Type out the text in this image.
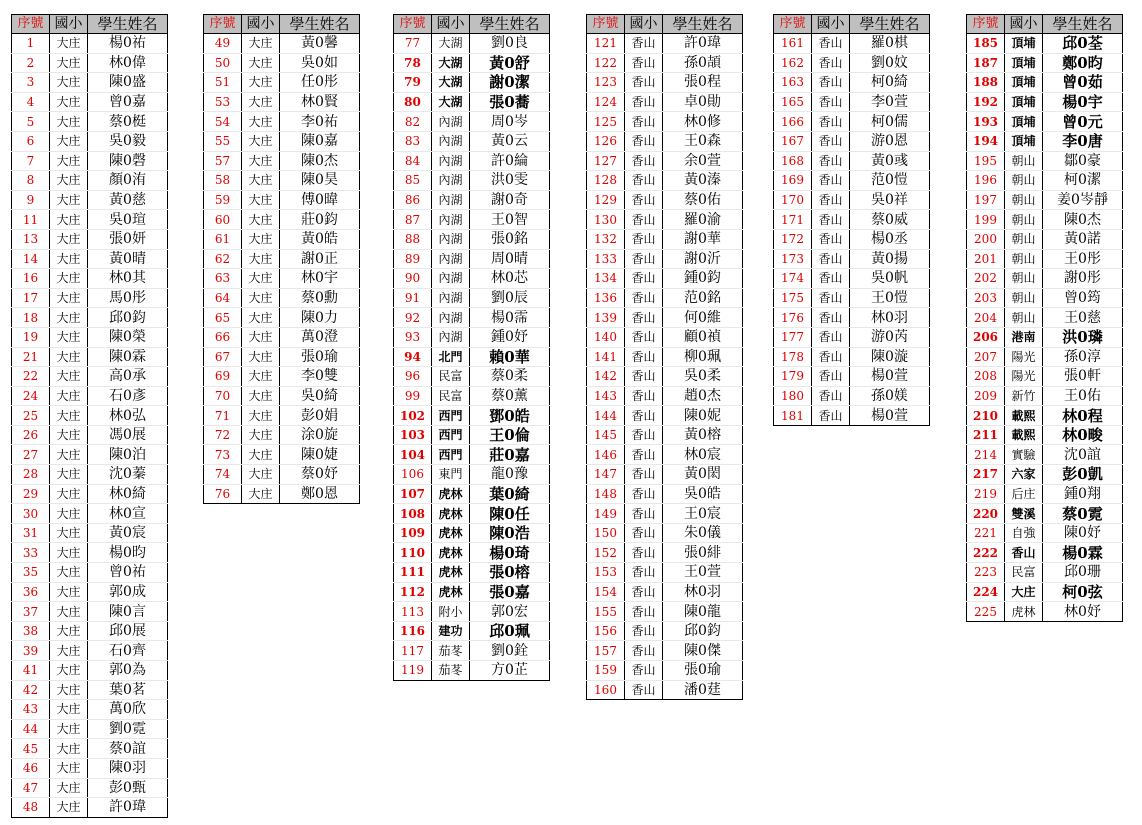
序號	國小	學生姓名
1	大庄	楊0祐
2	大庄	林0偉
3	大庄	陳0盛
4	大庄	曾0嘉
5	大庄	蔡0梃
6	大庄	吳0毅
7	大庄	陳0磬
8	大庄	顏0洧
9	大庄	黃0慈
11	大庄	吳0瑄
13	大庄	張0妍
14	大庄	黃0晴
16	大庄	林0其
17	大庄	馬0彤
18	大庄	邱0鈞
19	大庄	陳0榮
21	大庄	陳0霖
22	大庄	高0承
24	大庄	石0彥
25	大庄	林0弘
26	大庄	馮0展
27	大庄	陳0泊
28	大庄	沈0蓁
29	大庄	林0綺
30	大庄	林0宣
31	大庄	黃0宸
33	大庄	楊0昀
35	大庄	曾0祐
36	大庄	郭0成
37	大庄	陳0言
38	大庄	邱0展
39	大庄	石0齊
41	大庄	郭0為
42	大庄	葉0茗
43	大庄	萬0欣
44	大庄	劉0霓
45	大庄	蔡0誼
46	大庄	陳0羽
47	大庄	彭0甄
48	大庄	許0瑋
序號	國小	學生姓名
49	大庄	黃0馨
50	大庄	吳0如
51	大庄	任0彤
53	大庄	林0賢
54	大庄	李0祐
55	大庄	陳0嘉
57	大庄	陳0杰
58	大庄	陳0昊
59	大庄	傅0暐
60	大庄	莊0鈞
61	大庄	黃0皓
62	大庄	謝0正
63	大庄	林0宇
64	大庄	蔡0勳
65	大庄	陳0力
66	大庄	萬0澄
67	大庄	張0瑜
69	大庄	李0雙
70	大庄	吳0綺
71	大庄	彭0娟
72	大庄	涂0旋
73	大庄	陳0婕
74	大庄	蔡0妤
76	大庄	鄭0恩
序號	國小	學生姓名
77	大湖	劉0良
78	大湖	黃0舒
79	大湖	謝0潔
80	大湖	張0蕎
82	內湖	周0岑
83	內湖	黃0云
84	內湖	許0綸
85	內湖	洪0雯
86	內湖	謝0奇
87	內湖	王0智
88	內湖	張0銘
89	內湖	周0晴
90	內湖	林0芯
91	內湖	劉0辰
92	內湖	楊0霈
93	內湖	鍾0妤
94	北門	賴0華
96	民富	蔡0柔
99	民富	蔡0薰
102	西門	鄧0皓
103	西門	王0倫
104	西門	莊0嘉
106	東門	龍0豫
107	虎林	葉0綺
108	虎林	陳0任
109	虎林	陳0浩
110	虎林	楊0琦
111	虎林	張0榕
112	虎林	張0嘉
113	附小	郭0宏
116	建功	邱0珮
117	茄苳	劉0銓
119	茄苳	方0芷
序號	國小	學生姓名
121	香山	許0瑋
122	香山	孫0頡
123	香山	張0程
124	香山	卓0勛
125	香山	林0修
126	香山	王0森
127	香山	余0萱
128	香山	黃0溱
129	香山	蔡0佑
130	香山	羅0渝
132	香山	謝0華
133	香山	謝0沂
134	香山	鍾0鈞
136	香山	范0銘
139	香山	何0維
140	香山	顧0禎
141	香山	柳0珮
142	香山	吳0柔
143	香山	趙0杰
144	香山	陳0妮
145	香山	黃0榕
146	香山	林0宸
147	香山	黃0閎
148	香山	吳0皓
149	香山	王0宸
150	香山	朱0儀
152	香山	張0緋
153	香山	王0萱
154	香山	林0羽
155	香山	陳0龍
156	香山	邱0鈞
157	香山	陳0傑
159	香山	張0瑜
160	香山	潘0莛
序號	國小	學生姓名
161	香山	羅0棋
162	香山	劉0妏
163	香山	柯0綺
165	香山	李0萱
166	香山	柯0儒
167	香山	游0恩
168	香山	黃0彧
169	香山	范0愷
170	香山	吳0祥
171	香山	蔡0威
172	香山	楊0丞
173	香山	黃0揚
174	香山	吳0帆
175	香山	王0愷
176	香山	林0羽
177	香山	游0芮
178	香山	陳0漩
179	香山	楊0萱
180	香山	孫0媄
181	香山	楊0萱
序號	國小	學生姓名
185	頂埔	邱0荃
187	頂埔	鄭0昀
188	頂埔	曾0茹
192	頂埔	楊0宇
193	頂埔	曾0元
194	頂埔	李0唐
195	朝山	鄒0豪
196	朝山	柯0潔
197	朝山	姜0岑靜
199	朝山	陳0杰
200	朝山	黃0諾
201	朝山	王0彤
202	朝山	謝0彤
203	朝山	曾0筠
204	朝山	王0慈
206	港南	洪0璘
207	陽光	孫0淳
208	陽光	張0軒
209	新竹	王0佑
210	載熙	林0程
211	載熙	林0畯
214	實驗	沈0誼
217	六家	彭0凱
219	后庄	鍾0翔
220	雙溪	蔡0霓
221	自強	陳0妤
222	香山	楊0霖
223	民富	邱0珊
224	大庄	柯0弦
225	虎林	林0妤
